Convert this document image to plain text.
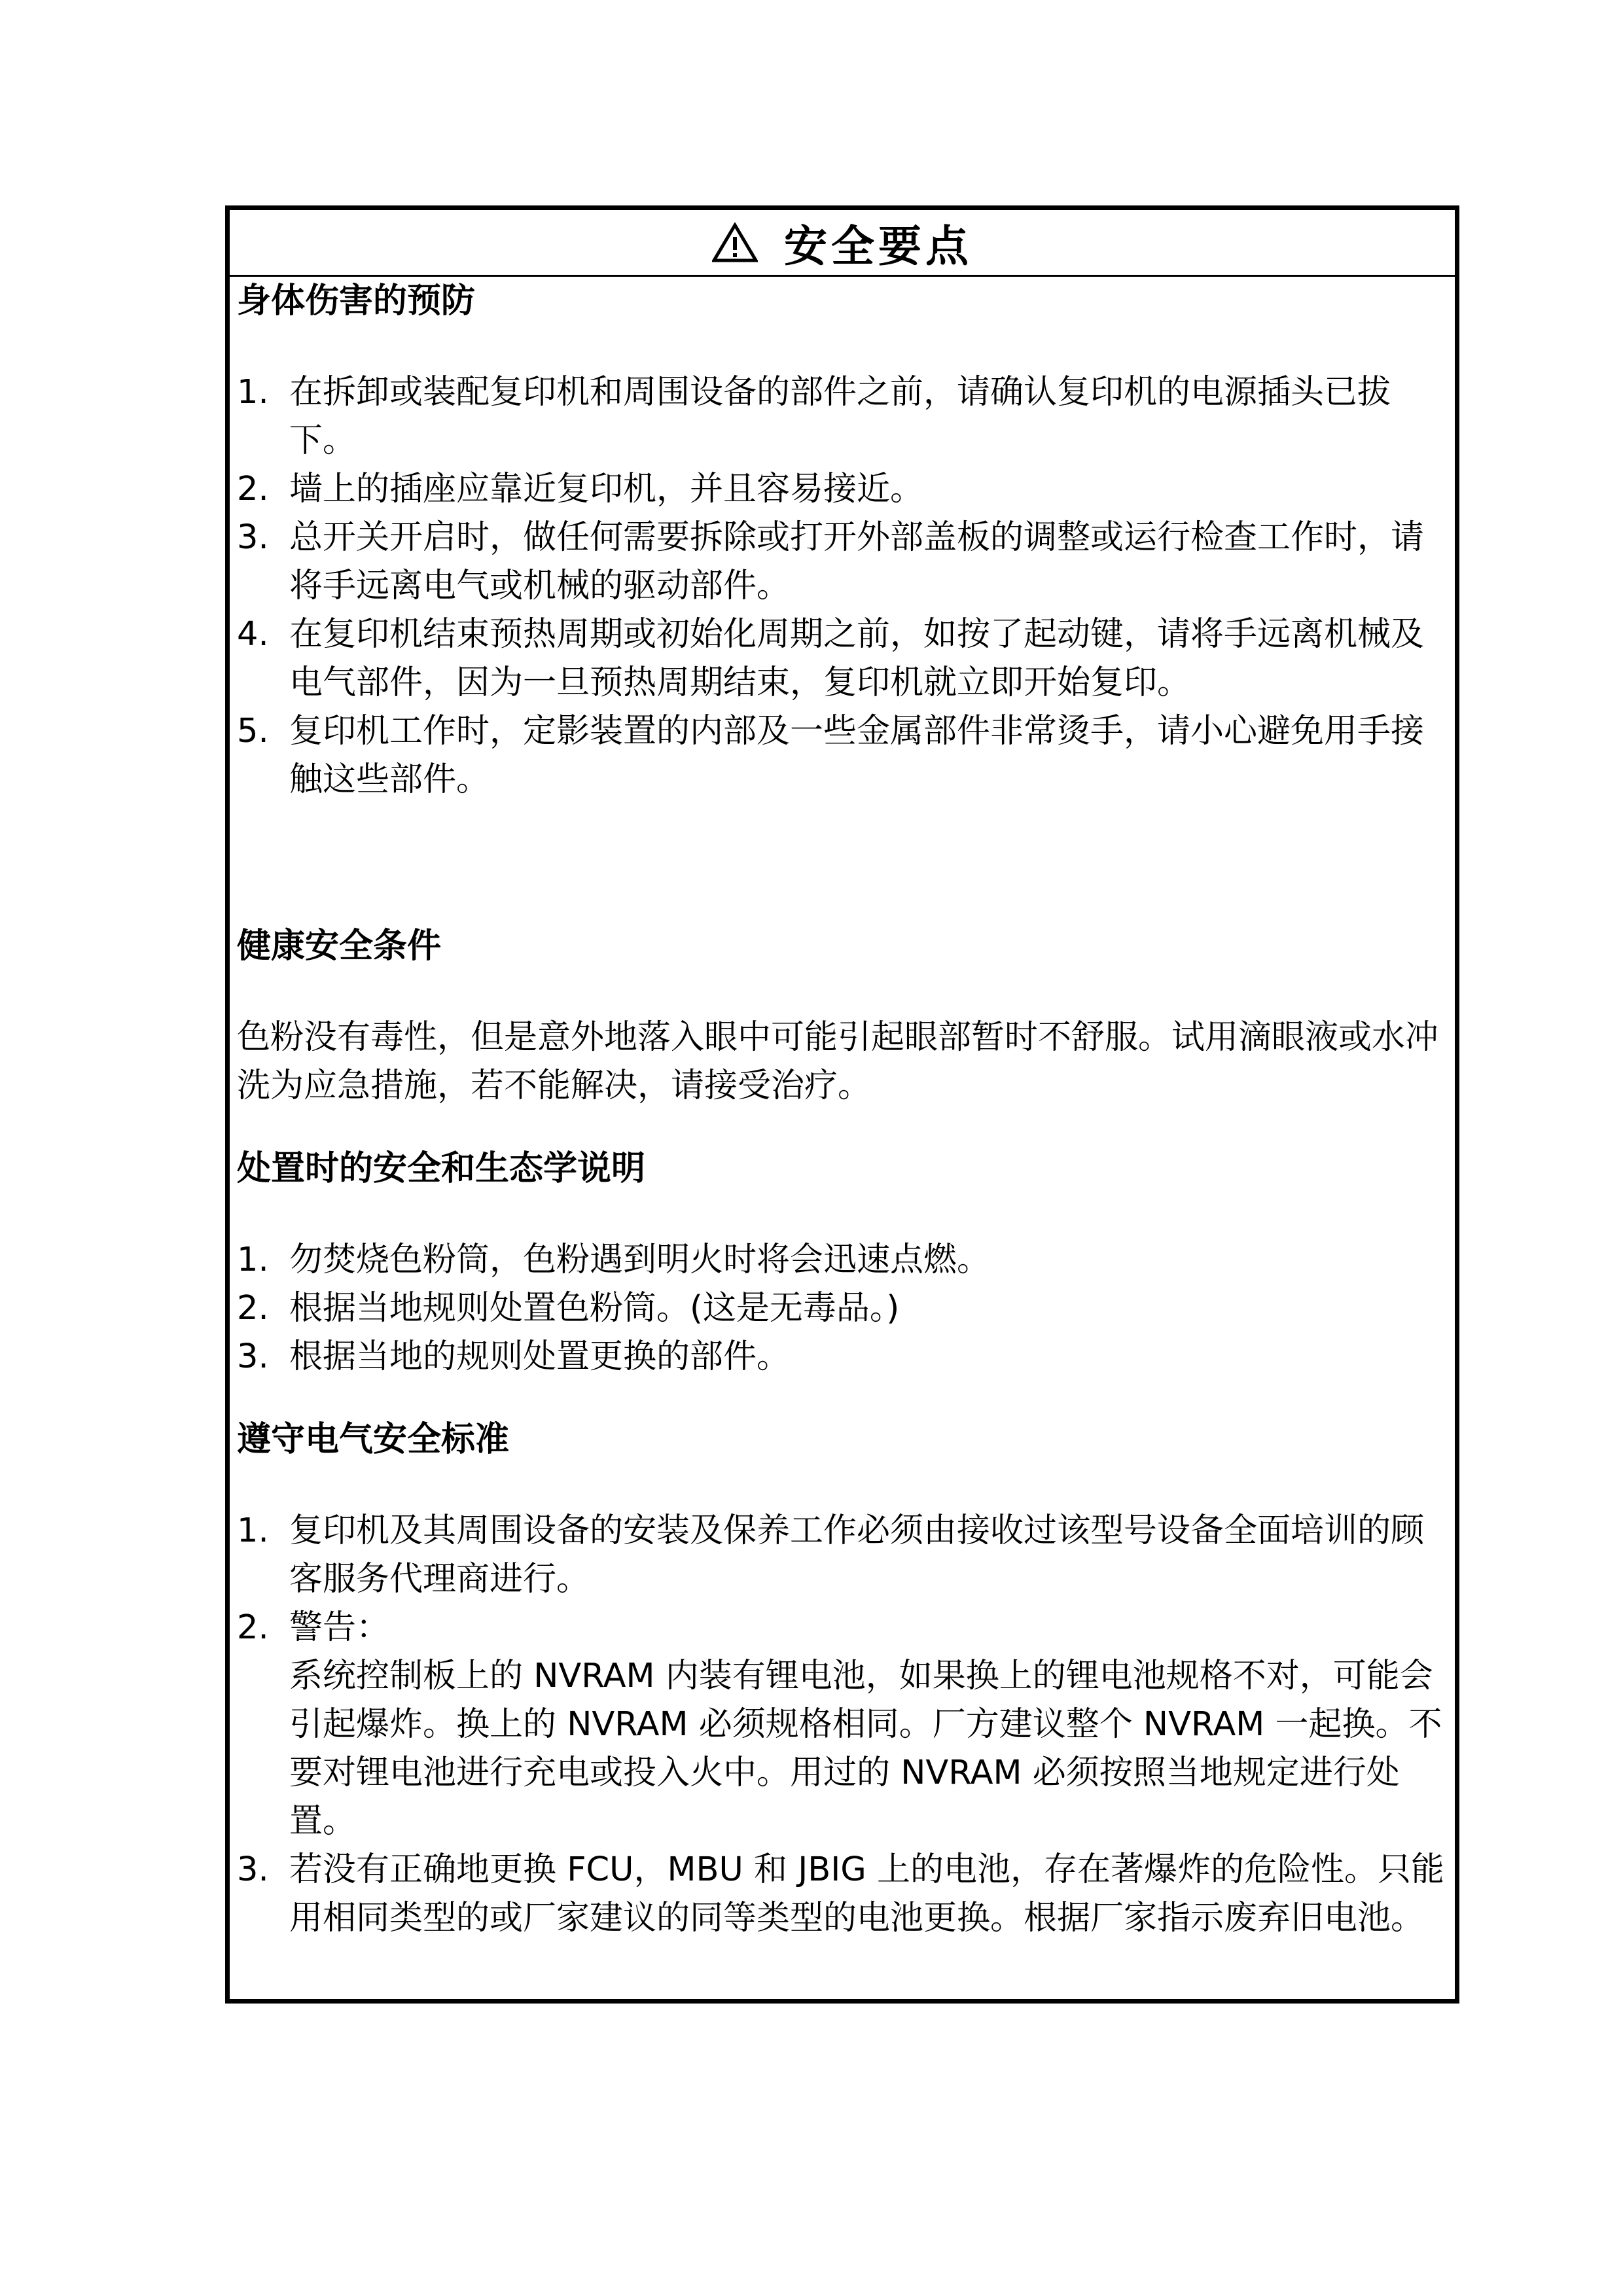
安全要点
身体伤害的预防
1. 在拆卸或装配复印机和周围设备的部件之前，请确认复印机的电源插头已拔下。
2. 墙上的插座应靠近复印机，并且容易接近。
3. 总开关开启时，做任何需要拆除或打开外部盖板的调整或运行检查工作时，请将手远离电气或机械的驱动部件。
4. 在复印机结束预热周期或初始化周期之前，如按了起动键，请将手远离机械及电气部件，因为一旦预热周期结束，复印机就立即开始复印。
5. 复印机工作时，定影装置的内部及一些金属部件非常烫手，请小心避免用手接触这些部件。
健康安全条件

色粉没有毒性，但是意外地落入眼中可能引起眼部暂时不舒服。试用滴眼液或水冲洗为应急措施，若不能解决，请接受治疗。

处置时的安全和生态学说明
1. 勿焚烧色粉筒，色粉遇到明火时将会迅速点燃。
2. 根据当地规则处置色粉筒。(这是无毒品。)
3. 根据当地的规则处置更换的部件。
遵守电气安全标准
1. 复印机及其周围设备的安装及保养工作必须由接收过该型号设备全面培训的顾客服务代理商进行。
2. 警告：
系统控制板上的 NVRAM 内装有锂电池，如果换上的锂电池规格不对，可能会引起爆炸。换上的 NVRAM 必须规格相同。厂方建议整个 NVRAM 一起换。不要对锂电池进行充电或投入火中。用过的 NVRAM 必须按照当地规定进行处置。
3. 若没有正确地更换 FCU，MBU 和 JBIG 上的电池，存在著爆炸的危险性。只能用相同类型的或厂家建议的同等类型的电池更换。根据厂家指示废弃旧电池。
